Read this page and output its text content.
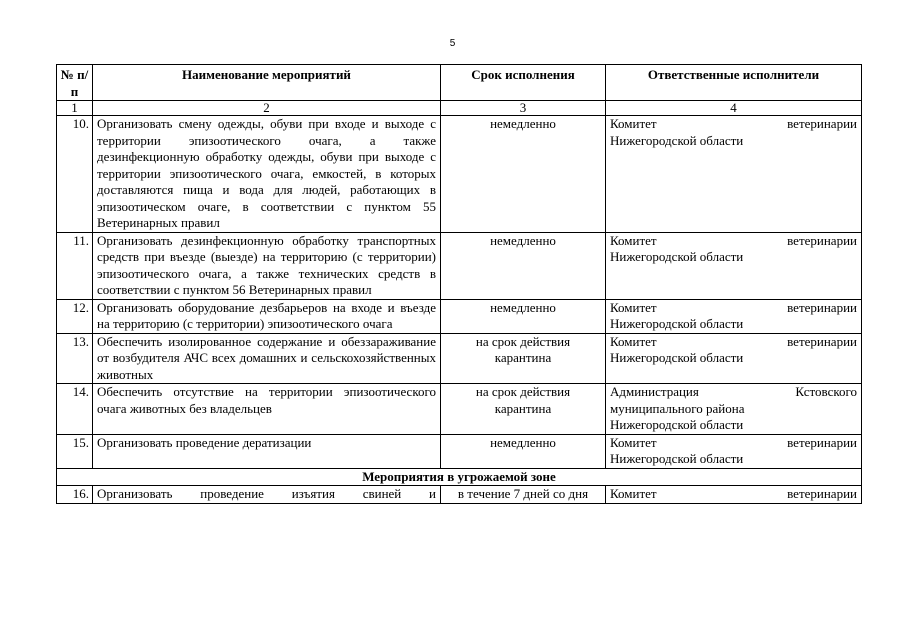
5
№ п/п	Наименование мероприятий	Срок исполнения	Ответственные исполнители
1	2	3	4
10.	Организовать смену одежды, обуви при входе и выходе с территории эпизоотического очага, а также дезинфекционную обработку одежды, обуви при выходе с территории эпизоотического очага, емкостей, в которых доставляются пища и вода для людей, работающих в эпизоотическом очаге, в соответствии с пунктом 55 Ветеринарных правил	немедленно	Комитет ветеринарии
Нижегородской области

11.	Организовать дезинфекционную обработку транспортных средств при въезде (выезде) на территорию (с территории) эпизоотического очага, а также технических средств в соответствии с пунктом 56 Ветеринарных правил	немедленно	Комитет ветеринарии
Нижегородской области

12.	Организовать оборудование дезбарьеров на входе и въезде на территорию (с территории) эпизоотического очага	немедленно	Комитет ветеринарии
Нижегородской области

13.	Обеспечить изолированное содержание и обеззараживание от возбудителя АЧС всех домашних и сельскохозяйственных животных	на срок действия карантина	Комитет ветеринарии
Нижегородской области

14.	Обеспечить отсутствие на территории эпизоотического очага животных без владельцев	на срок действия карантина	Администрация Кстовского муниципального района
Нижегородской области

15.	Организовать проведение дератизации	немедленно	Комитет ветеринарии
Нижегородской области

Мероприятия в угрожаемой зоне			
16.	Организовать проведение изъятия свиней и	в течение 7 дней со дня	Комитет ветеринарии
